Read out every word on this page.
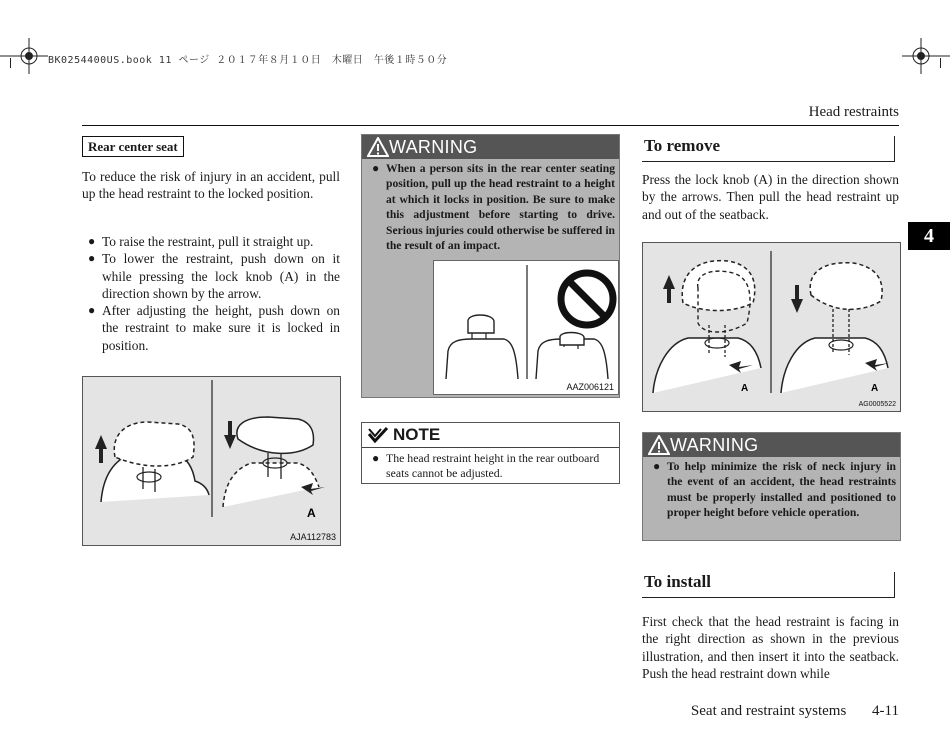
BK0254400US.book 11 ページ ２０１７年８月１０日　木曜日　午後１時５０分
Head restraints
4
Rear center seat
To reduce the risk of injury in an accident, pull up the head restraint to the locked position.
● To raise the restraint, pull it straight up.
● To lower the restraint, push down on it while pressing the lock knob (A) in the direction shown by the arrow.
● After adjusting the height, push down on the restraint to make sure it is locked in position.
A
AJA112783
WARNING
● When a person sits in the rear center seating position, pull up the head restraint to a height at which it locks in position. Be sure to make this adjustment before starting to drive. Serious injuries could otherwise be suffered in the result of an impact.
AAZ006121
NOTE
● The head restraint height in the rear outboard seats cannot be adjusted.
To remove
Press the lock knob (A) in the direction shown by the arrows. Then pull the head restraint up and out of the seatback.
A	A
AG0005522
WARNING
● To help minimize the risk of neck injury in the event of an accident, the head restraints must be properly installed and positioned to proper height before vehicle operation.
To install
First check that the head restraint is facing in the right direction as shown in the previous illustration, and then insert it into the seatback. Push the head restraint down while
Seat and restraint systems 4-11
